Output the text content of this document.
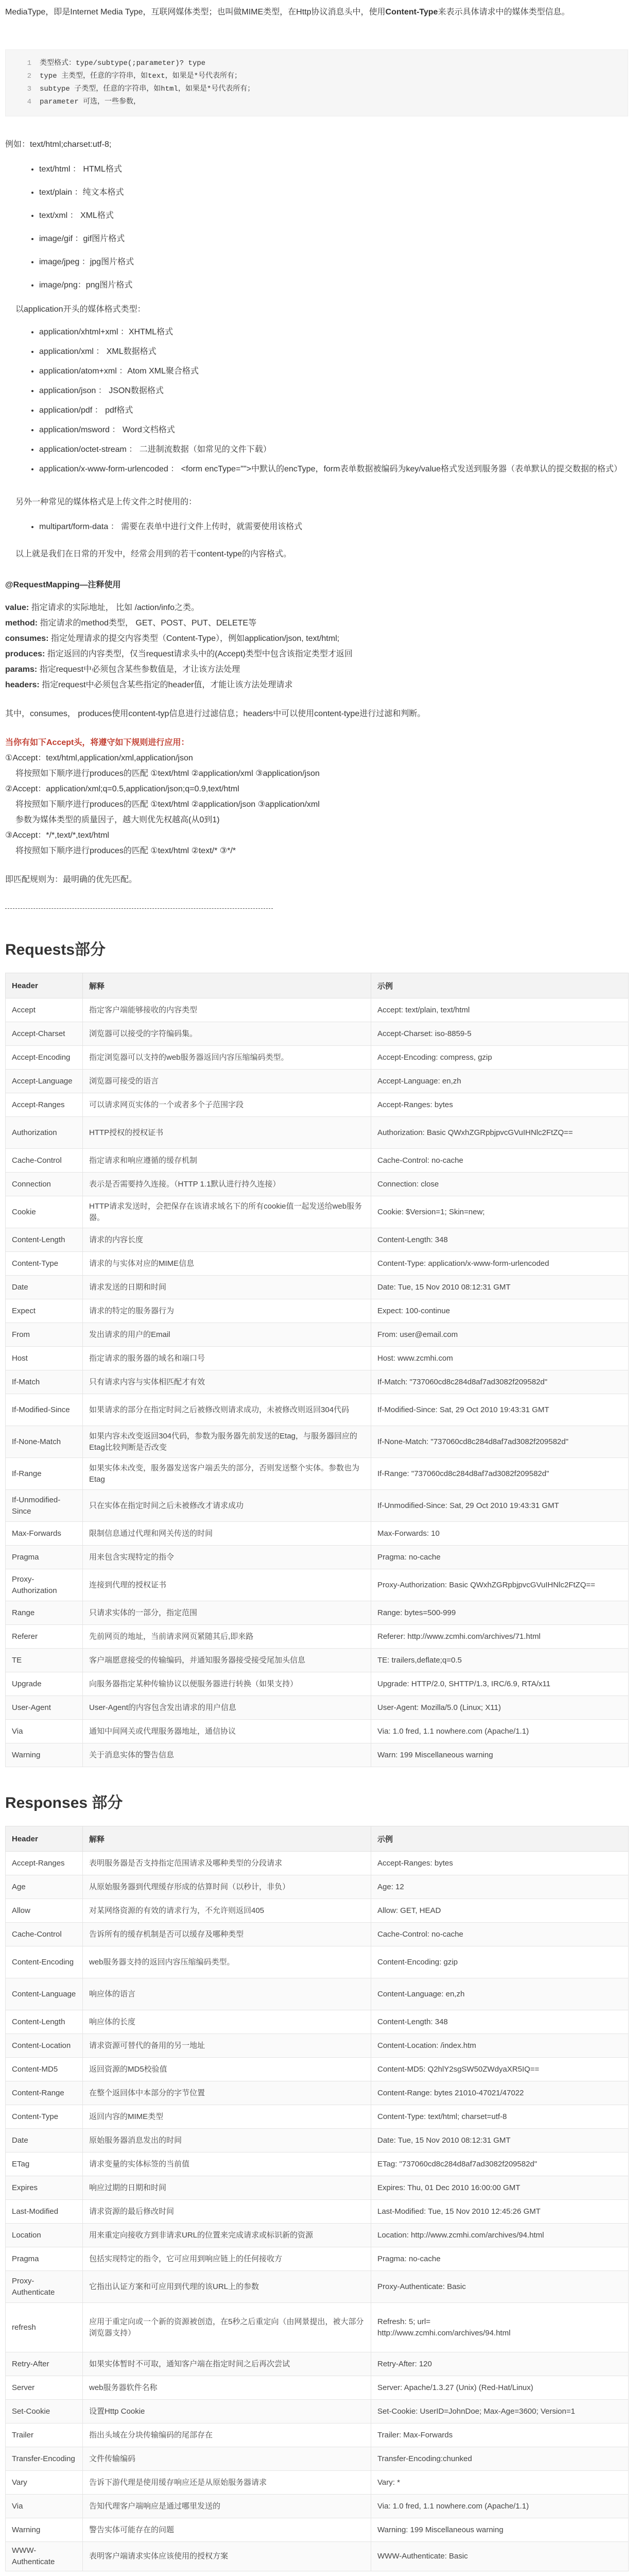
MediaType，即是Internet Media Type，互联网媒体类型；也叫做MIME类型，在Http协议消息头中，使用Content-Type来表示具体请求中的媒体类型信息。

1 类型格式：type/subtype(;parameter)? type
2 type 主类型，任意的字符串，如text，如果是*号代表所有；
3 subtype 子类型，任意的字符串，如html，如果是*号代表所有；
4 parameter 可选，一些参数，

例如：text/html;charset:utf-8;

• text/html ： HTML格式
• text/plain ：纯文本格式
• text/xml ： XML格式
• image/gif ：gif图片格式
• image/jpeg ：jpg图片格式
• image/png：png图片格式

以application开头的媒体格式类型：

• application/xhtml+xml ：XHTML格式
• application/xml ： XML数据格式
• application/atom+xml ：Atom XML聚合格式
• application/json ： JSON数据格式
• application/pdf ： pdf格式
• application/msword ： Word文档格式
• application/octet-stream ： 二进制流数据（如常见的文件下载）
• application/x-www-form-urlencoded ： <form encType="">中默认的encType，form表单数据被编码为key/value格式发送到服务器（表单默认的提交数据的格式）

另外一种常见的媒体格式是上传文件之时使用的：

• multipart/form-data ： 需要在表单中进行文件上传时，就需要使用该格式

以上就是我们在日常的开发中，经常会用到的若干content-type的内容格式。

@RequestMapping—注释使用

value: 指定请求的实际地址， 比如 /action/info之类。

method: 指定请求的method类型， GET、POST、PUT、DELETE等

consumes: 指定处理请求的提交内容类型（Content-Type），例如application/json, text/html;

produces: 指定返回的内容类型，仅当request请求头中的(Accept)类型中包含该指定类型才返回

params: 指定request中必须包含某些参数值是，才让该方法处理

headers: 指定request中必须包含某些指定的header值，才能让该方法处理请求

其中，consumes， produces使用content-typ信息进行过滤信息；headers中可以使用content-type进行过滤和判断。

当你有如下Accept头，将遵守如下规则进行应用：

①Accept：text/html,application/xml,application/json

将按照如下顺序进行produces的匹配 ①text/html ②application/xml ③application/json

②Accept：application/xml;q=0.5,application/json;q=0.9,text/html

将按照如下顺序进行produces的匹配 ①text/html ②application/json ③application/xml

参数为媒体类型的质量因子，越大则优先权越高(从0到1)

③Accept：*/*,text/*,text/html

将按照如下顺序进行produces的匹配 ①text/html ②text/* ③*/*

即匹配规则为：最明确的优先匹配。

Requests部分
Header	解释	示例
Accept	指定客户端能够接收的内容类型	Accept: text/plain, text/html
Accept-Charset	浏览器可以接受的字符编码集。	Accept-Charset: iso-8859-5
Accept-Encoding	指定浏览器可以支持的web服务器返回内容压缩编码类型。	Accept-Encoding: compress, gzip
Accept-Language	浏览器可接受的语言	Accept-Language: en,zh
Accept-Ranges	可以请求网页实体的一个或者多个子范围字段	Accept-Ranges: bytes
Authorization	HTTP授权的授权证书	Authorization: Basic QWxhZGRpbjpvcGVuIHNlc2FtZQ==
Cache-Control	指定请求和响应遵循的缓存机制	Cache-Control: no-cache
Connection	表示是否需要持久连接。（HTTP 1.1默认进行持久连接）	Connection: close
Cookie	HTTP请求发送时，会把保存在该请求域名下的所有cookie值一起发送给web服务器。	Cookie: $Version=1; Skin=new;
Content-Length	请求的内容长度	Content-Length: 348
Content-Type	请求的与实体对应的MIME信息	Content-Type: application/x-www-form-urlencoded
Date	请求发送的日期和时间	Date: Tue, 15 Nov 2010 08:12:31 GMT
Expect	请求的特定的服务器行为	Expect: 100-continue
From	发出请求的用户的Email	From: user@email.com
Host	指定请求的服务器的域名和端口号	Host: www.zcmhi.com
If-Match	只有请求内容与实体相匹配才有效	If-Match: "737060cd8c284d8af7ad3082f209582d"
If-Modified-Since	如果请求的部分在指定时间之后被修改则请求成功，未被修改则返回304代码	If-Modified-Since: Sat, 29 Oct 2010 19:43:31 GMT
If-None-Match	如果内容未改变返回304代码，参数为服务器先前发送的Etag，与服务器回应的Etag比较判断是否改变	If-None-Match: "737060cd8c284d8af7ad3082f209582d"
If-Range	如果实体未改变，服务器发送客户端丢失的部分，否则发送整个实体。参数也为Etag	If-Range: "737060cd8c284d8af7ad3082f209582d"
If-Unmodified-Since	只在实体在指定时间之后未被修改才请求成功	If-Unmodified-Since: Sat, 29 Oct 2010 19:43:31 GMT
Max-Forwards	限制信息通过代理和网关传送的时间	Max-Forwards: 10
Pragma	用来包含实现特定的指令	Pragma: no-cache
Proxy-Authorization	连接到代理的授权证书	Proxy-Authorization: Basic QWxhZGRpbjpvcGVuIHNlc2FtZQ==
Range	只请求实体的一部分，指定范围	Range: bytes=500-999
Referer	先前网页的地址，当前请求网页紧随其后,即来路	Referer: http://www.zcmhi.com/archives/71.html
TE	客户端愿意接受的传输编码，并通知服务器接受接受尾加头信息	TE: trailers,deflate;q=0.5
Upgrade	向服务器指定某种传输协议以便服务器进行转换（如果支持）	Upgrade: HTTP/2.0, SHTTP/1.3, IRC/6.9, RTA/x11
User-Agent	User-Agent的内容包含发出请求的用户信息	User-Agent: Mozilla/5.0 (Linux; X11)
Via	通知中间网关或代理服务器地址，通信协议	Via: 1.0 fred, 1.1 nowhere.com (Apache/1.1)
Warning	关于消息实体的警告信息	Warn: 199 Miscellaneous warning
Responses 部分
Header	解释	示例
Accept-Ranges	表明服务器是否支持指定范围请求及哪种类型的分段请求	Accept-Ranges: bytes
Age	从原始服务器到代理缓存形成的估算时间（以秒计，非负）	Age: 12
Allow	对某网络资源的有效的请求行为，不允许则返回405	Allow: GET, HEAD
Cache-Control	告诉所有的缓存机制是否可以缓存及哪种类型	Cache-Control: no-cache
Content-Encoding	web服务器支持的返回内容压缩编码类型。	Content-Encoding: gzip
Content-Language	响应体的语言	Content-Language: en,zh
Content-Length	响应体的长度	Content-Length: 348
Content-Location	请求资源可替代的备用的另一地址	Content-Location: /index.htm
Content-MD5	返回资源的MD5校验值	Content-MD5: Q2hlY2sgSW50ZWdyaXR5IQ==
Content-Range	在整个返回体中本部分的字节位置	Content-Range: bytes 21010-47021/47022
Content-Type	返回内容的MIME类型	Content-Type: text/html; charset=utf-8
Date	原始服务器消息发出的时间	Date: Tue, 15 Nov 2010 08:12:31 GMT
ETag	请求变量的实体标签的当前值	ETag: "737060cd8c284d8af7ad3082f209582d"
Expires	响应过期的日期和时间	Expires: Thu, 01 Dec 2010 16:00:00 GMT
Last-Modified	请求资源的最后修改时间	Last-Modified: Tue, 15 Nov 2010 12:45:26 GMT
Location	用来重定向接收方到非请求URL的位置来完成请求或标识新的资源	Location: http://www.zcmhi.com/archives/94.html
Pragma	包括实现特定的指令，它可应用到响应链上的任何接收方	Pragma: no-cache
Proxy-Authenticate	它指出认证方案和可应用到代理的该URL上的参数	Proxy-Authenticate: Basic
refresh	应用于重定向或一个新的资源被创造，在5秒之后重定向（由网景提出，被大部分浏览器支持）	Refresh: 5; url=
http://www.zcmhi.com/archives/94.html
Retry-After	如果实体暂时不可取，通知客户端在指定时间之后再次尝试	Retry-After: 120
Server	web服务器软件名称	Server: Apache/1.3.27 (Unix) (Red-Hat/Linux)
Set-Cookie	设置Http Cookie	Set-Cookie: UserID=JohnDoe; Max-Age=3600; Version=1
Trailer	指出头域在分块传输编码的尾部存在	Trailer: Max-Forwards
Transfer-Encoding	文件传输编码	Transfer-Encoding:chunked
Vary	告诉下游代理是使用缓存响应还是从原始服务器请求	Vary: *
Via	告知代理客户端响应是通过哪里发送的	Via: 1.0 fred, 1.1 nowhere.com (Apache/1.1)
Warning	警告实体可能存在的问题	Warning: 199 Miscellaneous warning
WWW-Authenticate	表明客户端请求实体应该使用的授权方案	WWW-Authenticate: Basic
